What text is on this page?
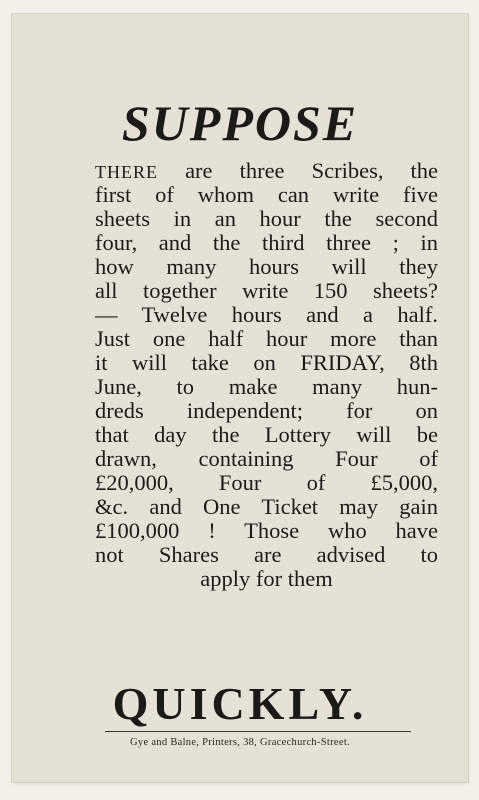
SUPPOSE
THERE are three Scribes, the
first of whom can write five
sheets in an hour the second
four, and the third three ; in
how many hours will they
all together write 150 sheets?
— Twelve hours and a half.
Just one half hour more than
it will take on FRIDAY, 8th
June, to make many hun-
dreds independent; for on
that day the Lottery will be
drawn, containing Four of
£20,000, Four of £5,000,
&c. and One Ticket may gain
£100,000 ! Those who have
not Shares are advised to
apply for them
QUICKLY.
Gye and Balne, Printers, 38, Gracechurch-Street.
